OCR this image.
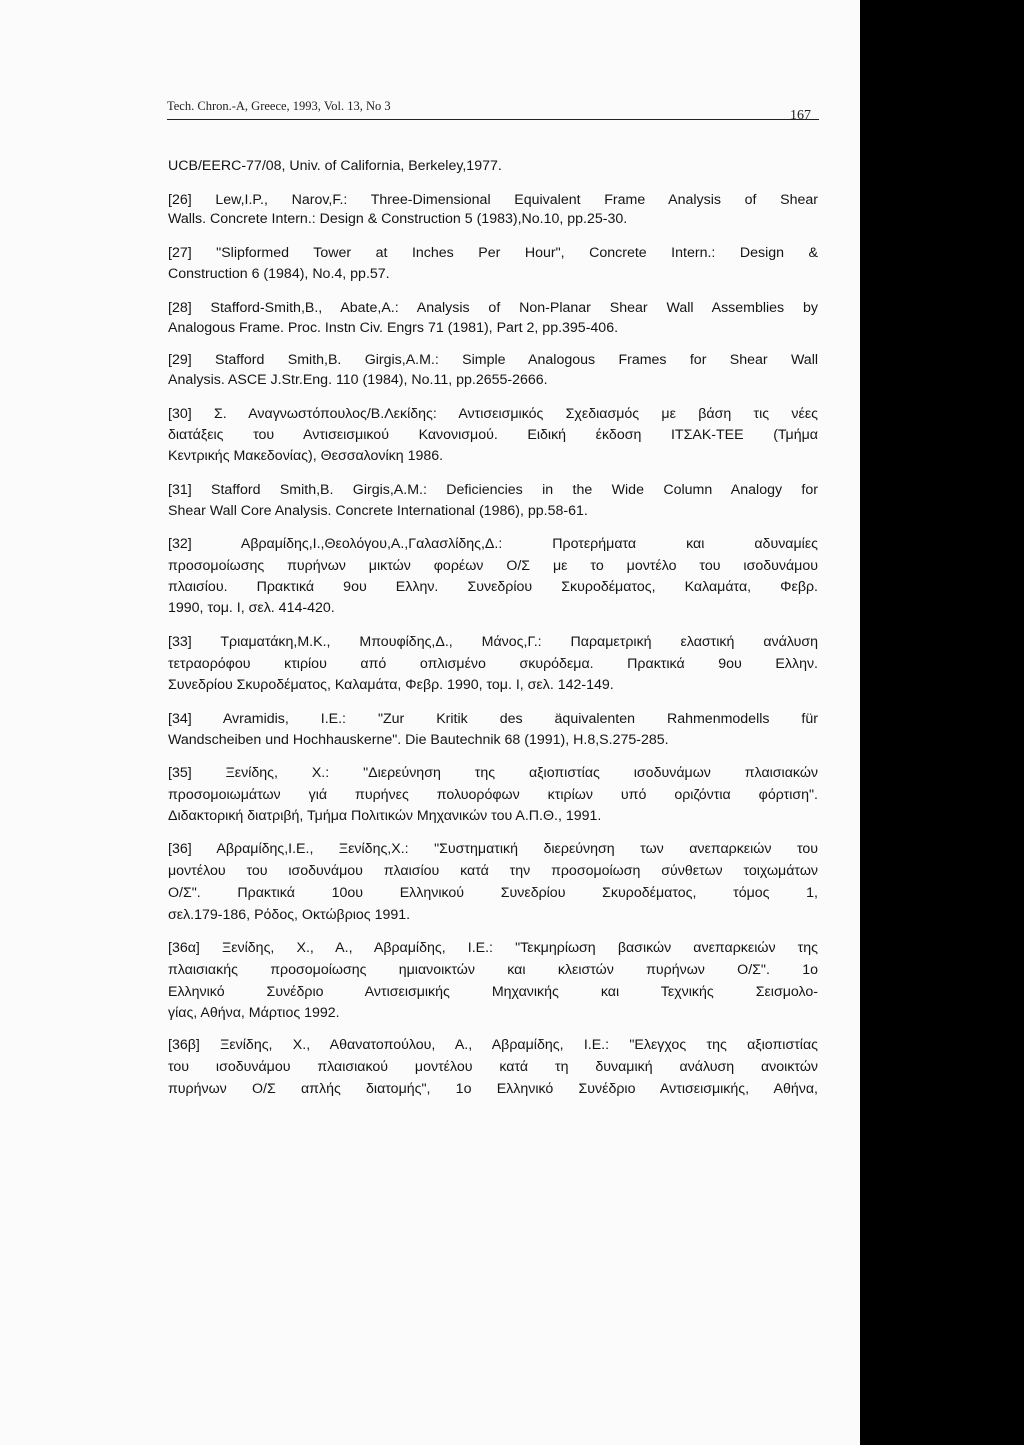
Tech. Chron.-A, Greece, 1993, Vol. 13, No 3
167
UCB/EERC-77/08, Univ. of California, Berkeley,1977.
[26] Lew,I.P., Narov,F.: Three-Dimensional Equivalent Frame Analysis of Shear
Walls. Concrete Intern.: Design & Construction 5 (1983),No.10, pp.25-30.
[27] "Slipformed Tower at Inches Per Hour", Concrete Intern.: Design &
Construction 6 (1984), No.4, pp.57.
[28] Stafford-Smith,B., Abate,A.: Analysis of Non-Planar Shear Wall Assemblies by
Analogous Frame. Proc. Instn Civ. Engrs 71 (1981), Part 2, pp.395-406.
[29] Stafford Smith,B. Girgis,A.M.: Simple Analogous Frames for Shear Wall
Analysis. ASCE J.Str.Eng. 110 (1984), No.11, pp.2655-2666.
[30] Σ. Αναγνωστόπουλος/Β.Λεκίδης: Αντισεισμικός Σχεδιασμός με βάση τις νέες
διατάξεις του Αντισεισμικού Κανονισμού. Ειδική έκδοση ΙΤΣΑΚ-ΤΕΕ (Τμήμα
Κεντρικής Μακεδονίας), Θεσσαλονίκη 1986.
[31] Stafford Smith,B. Girgis,A.M.: Deficiencies in the Wide Column Analogy for
Shear Wall Core Analysis. Concrete International (1986), pp.58-61.
[32] Αβραμίδης,Ι.,Θεολόγου,Α.,Γαλασλίδης,Δ.: Προτερήματα και αδυναμίες
προσομοίωσης πυρήνων μικτών φορέων Ο/Σ με το μοντέλο του ισοδυνάμου
πλαισίου. Πρακτικά 9ου Ελλην. Συνεδρίου Σκυροδέματος, Καλαμάτα, Φεβρ.
1990, τομ. Ι, σελ. 414-420.
[33] Τριαματάκη,Μ.Κ., Μπουφίδης,Δ., Μάνος,Γ.: Παραμετρική ελαστική ανάλυση
τετραορόφου κτιρίου από οπλισμένο σκυρόδεμα. Πρακτικά 9ου Ελλην.
Συνεδρίου Σκυροδέματος, Καλαμάτα, Φεβρ. 1990, τομ. Ι, σελ. 142-149.
[34] Avramidis, I.E.: "Zur Kritik des äquivalenten Rahmenmodells für
Wandscheiben und Hochhauskerne". Die Bautechnik 68 (1991), H.8,S.275-285.
[35] Ξενίδης, Χ.: "Διερεύνηση της αξιοπιστίας ισοδυνάμων πλαισιακών
προσομοιωμάτων γιά πυρήνες πολυορόφων κτιρίων υπό οριζόντια φόρτιση".
Διδακτορική διατριβή, Τμήμα Πολιτικών Μηχανικών του Α.Π.Θ., 1991.
[36] Αβραμίδης,Ι.Ε., Ξενίδης,Χ.: "Συστηματική διερεύνηση των ανεπαρκειών του
μοντέλου του ισοδυνάμου πλαισίου κατά την προσομοίωση σύνθετων τοιχωμάτων
Ο/Σ". Πρακτικά 10ου Ελληνικού Συνεδρίου Σκυροδέματος, τόμος 1,
σελ.179-186, Ρόδος, Οκτώβριος 1991.
[36α] Ξενίδης, Χ., Α., Αβραμίδης, Ι.Ε.: "Τεκμηρίωση βασικών ανεπαρκειών της
πλαισιακής προσομοίωσης ημιανοικτών και κλειστών πυρήνων Ο/Σ". 1ο
Ελληνικό Συνέδριο Αντισεισμικής Μηχανικής και Τεχνικής Σεισμολο-
γίας, Αθήνα, Μάρτιος 1992.
[36β] Ξενίδης, Χ., Αθανατοπούλου, Α., Αβραμίδης, Ι.Ε.: "Ελεγχος της αξιοπιστίας
του ισοδυνάμου πλαισιακού μοντέλου κατά τη δυναμική ανάλυση ανοικτών
πυρήνων Ο/Σ απλής διατομής", 1ο Ελληνικό Συνέδριο Αντισεισμικής, Αθήνα,
